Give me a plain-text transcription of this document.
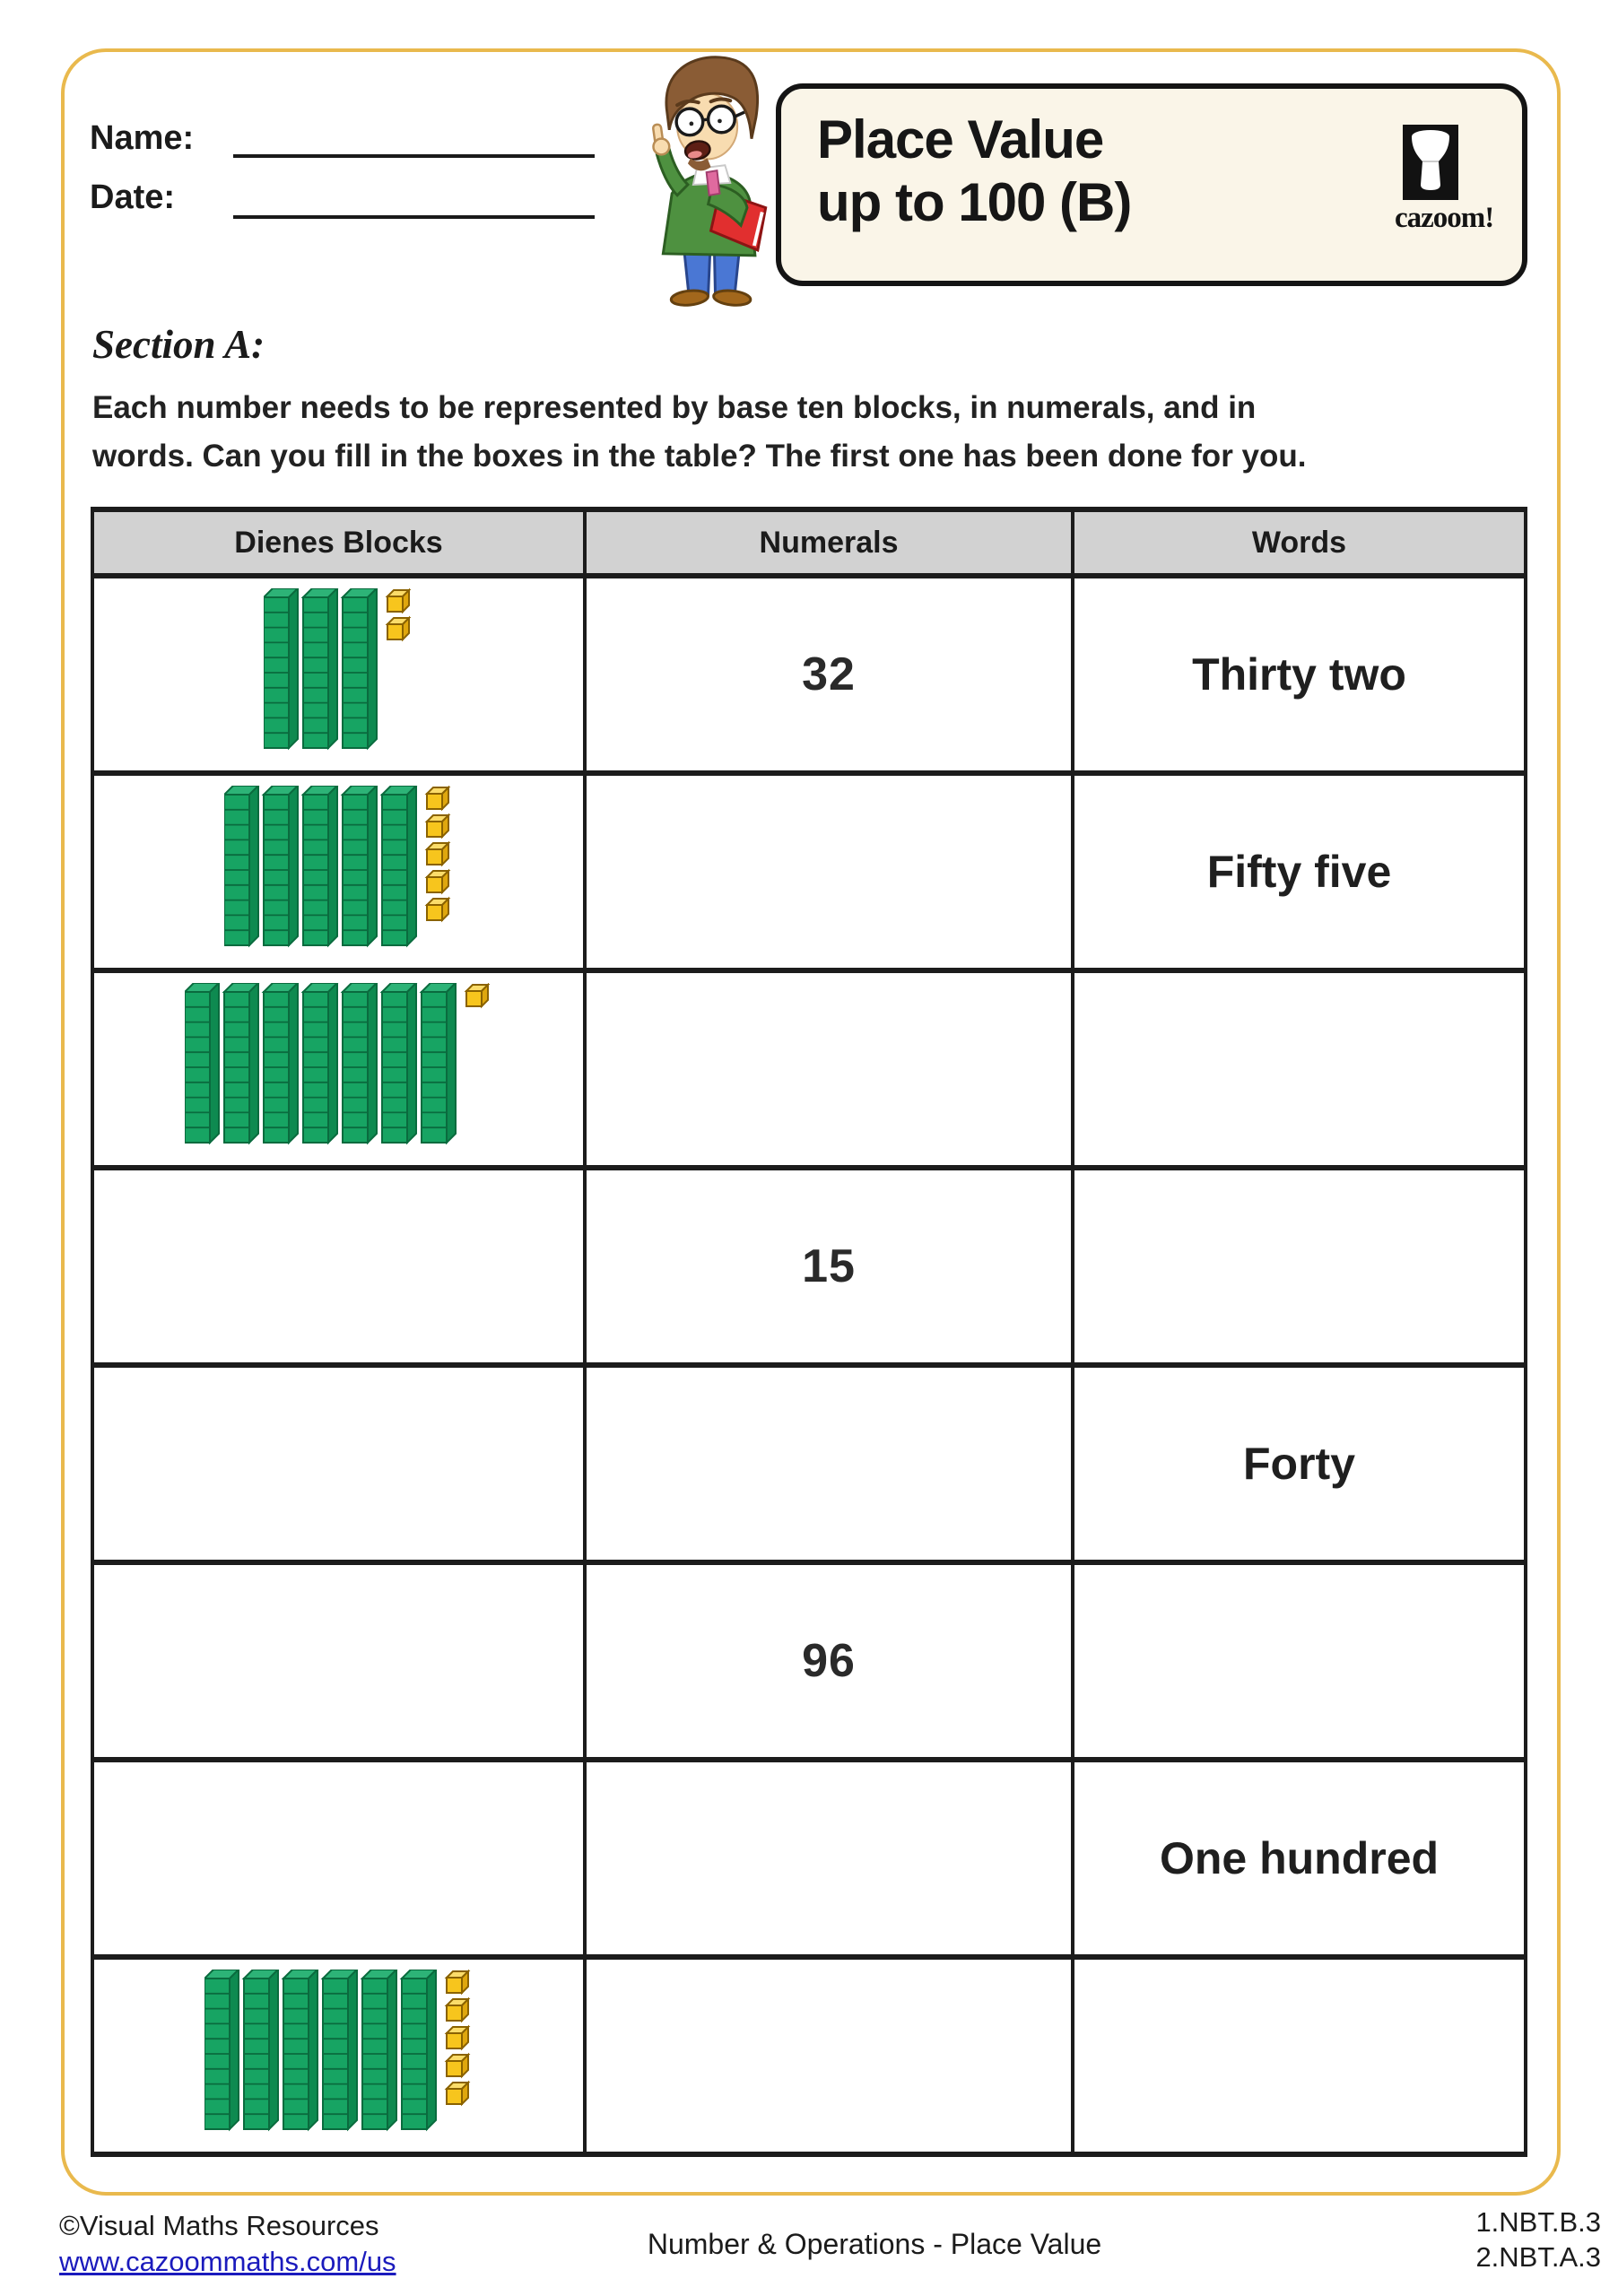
Name:
Date:
Place Value
up to 100 (B)	cazoom!
Section A:
Each number needs to be represented by base ten blocks, in numerals, and in
words. Can you fill in the boxes in the table? The first one has been done for you.
Dienes Blocks	Numerals	Words
	32	Thirty two
		Fifty five

	15	
		Forty
	96	
		One hundred

©Visual Maths Resources
www.cazoommaths.com/us
Number & Operations - Place Value
1.NBT.B.3
2.NBT.A.3
